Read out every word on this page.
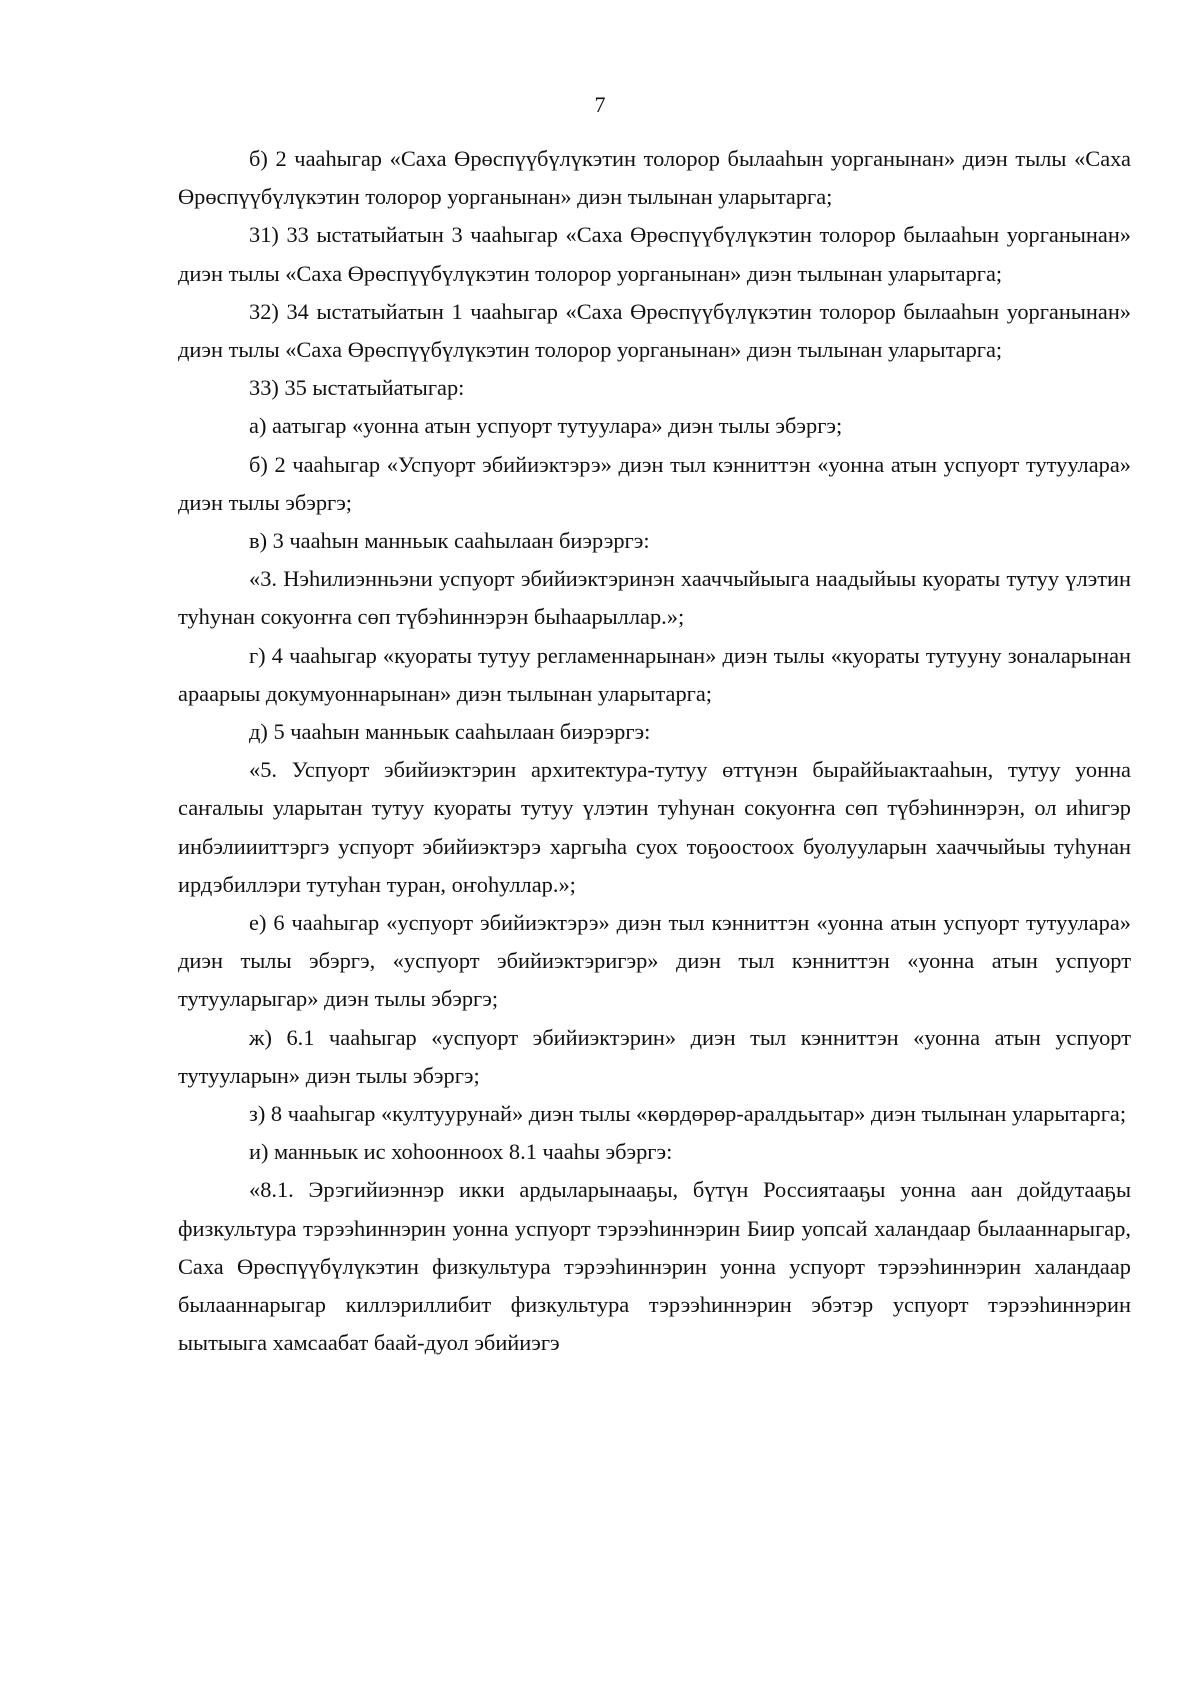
7

б) 2 чааһыгар «Саха Өрөспүүбүлүкэтин толорор былааһын уорганынан» диэн тылы «Саха Өрөспүүбүлүкэтин толорор уорганынан» диэн тылынан уларытарга;

31) 33 ыстатыйатын 3 чааһыгар «Саха Өрөспүүбүлүкэтин толорор былааһын уорганынан» диэн тылы «Саха Өрөспүүбүлүкэтин толорор уорганынан» диэн тылынан уларытарга;

32) 34 ыстатыйатын 1 чааһыгар «Саха Өрөспүүбүлүкэтин толорор былааһын уорганынан» диэн тылы «Саха Өрөспүүбүлүкэтин толорор уорганынан» диэн тылынан уларытарга;

33) 35 ыстатыйатыгар:

а) аатыгар «уонна атын успуорт тутуулара» диэн тылы эбэргэ;

б) 2 чааһыгар «Успуорт эбийиэктэрэ» диэн тыл кэнниттэн «уонна атын успуорт тутуулара» диэн тылы эбэргэ;

в) 3 чааһын манньык сааһылаан биэрэргэ:

«3. Нэһилиэнньэни успуорт эбийиэктэринэн хааччыйыыга наадыйыы куораты тутуу үлэтин туһунан сокуоҥҥа сөп түбэһиннэрэн быһаарыллар.»;

г) 4 чааһыгар «куораты тутуу регламеннарынан» диэн тылы «куораты тутууну зоналарынан араарыы докумуоннарынан» диэн тылынан уларытарга;

д) 5 чааһын манньык сааһылаан биэрэргэ:

«5. Успуорт эбийиэктэрин архитектура-тутуу өттүнэн быраййыактааһын, тутуу уонна саҥалыы уларытан тутуу куораты тутуу үлэтин туһунан сокуоҥҥа сөп түбэһиннэрэн, ол иһигэр инбэлиииттэргэ успуорт эбийиэктэрэ харгыһа суох тоҕоостоох буолууларын хааччыйыы туһунан ирдэбиллэри тутуһан туран, оҥоһуллар.»;

е) 6 чааһыгар «успуорт эбийиэктэрэ» диэн тыл кэнниттэн «уонна атын успуорт тутуулара» диэн тылы эбэргэ, «успуорт эбийиэктэригэр» диэн тыл кэнниттэн «уонна атын успуорт тутууларыгар» диэн тылы эбэргэ;

ж) 6.1 чааһыгар «успуорт эбийиэктэрин» диэн тыл кэнниттэн «уонна атын успуорт тутууларын» диэн тылы эбэргэ;

з) 8 чааһыгар «култуурунай» диэн тылы «көрдөрөр-аралдьытар» диэн тылынан уларытарга;

и) манньык ис хоһоонноох 8.1 чааһы эбэргэ:

«8.1. Эрэгийиэннэр икки ардыларынааҕы, бүтүн Россиятааҕы уонна аан дойдутааҕы физкультура тэрээһиннэрин уонна успуорт тэрээһиннэрин Биир уопсай халандаар былааннарыгар, Саха Өрөспүүбүлүкэтин физкультура тэрээһиннэрин уонна успуорт тэрээһиннэрин халандаар былааннарыгар киллэриллибит физкультура тэрээһиннэрин эбэтэр успуорт тэрээһиннэрин ыытыыга хамсаабат баай-дуол эбийиэгэ
